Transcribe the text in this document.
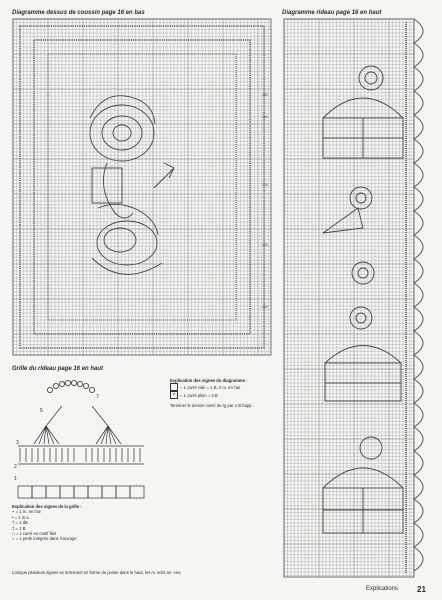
Diagramme dessus de coussin page 16 en bas
180
160
140
120
100
Diagramme rideau page 16 en haut
Grille du rideau page 16 en haut
5
7
3
2
1
Explication des signes du diagramme :
= 1 carré vide = 1 B, 2 m. en l'air
×	= 1 carré plein = 3 B
Terminer le dernier carré du rg par 1 B happ.
Explication des signes de la grille :
∘ = 1 m. en l'air
• = 1 m.s.
† = 1 dB
‡ = 1 B
□ = 1 carré en motif filet
○ = 1 perle intégrée dans l'ouvrage
Lorsque plusieurs signes se terminent en forme de pointe dans le haut, les m. sont arr. ens.
Explications 21
